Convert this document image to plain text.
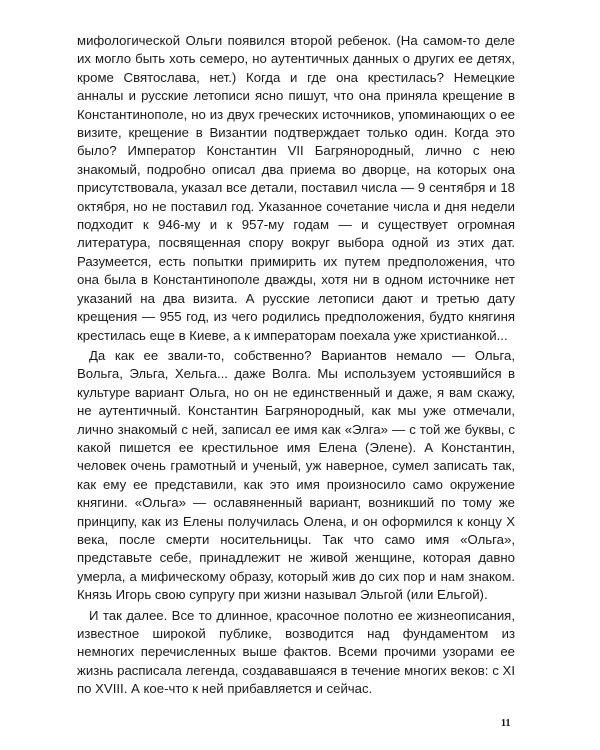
мифологической Ольги появился второй ребенок. (На самом-то деле их могло быть хоть семеро, но аутентичных данных о других ее детях, кроме Святослава, нет.) Когда и где она крестилась? Немецкие анналы и русские летописи ясно пишут, что она приняла крещение в Константинополе, но из двух греческих источников, упоминающих о ее визите, крещение в Византии подтверждает только один. Когда это было? Император Константин VII Багрянородный, лично с нею знакомый, подробно описал два приема во дворце, на которых она присутствовала, указал все детали, поставил числа — 9 сентября и 18 октября, но не поставил год. Указанное сочетание числа и дня недели подходит к 946-му и к 957-му годам — и существует огромная литература, посвященная спору вокруг выбора одной из этих дат. Разумеется, есть попытки примирить их путем предположения, что она была в Константинополе дважды, хотя ни в одном источнике нет указаний на два визита. А русские летописи дают и третью дату крещения — 955 год, из чего родились предположения, будто княгиня крестилась еще в Киеве, а к императорам поехала уже христианкой...

Да как ее звали-то, собственно? Вариантов немало — Ольга, Вольга, Эльга, Хельга... даже Волга. Мы используем устоявшийся в культуре вариант Ольга, но он не единственный и даже, я вам скажу, не аутентичный. Константин Багрянородный, как мы уже отмечали, лично знакомый с ней, записал ее имя как «Элга» — с той же буквы, с какой пишется ее крестильное имя Елена (Элене). А Константин, человек очень грамотный и ученый, уж наверное, сумел записать так, как ему ее представили, как это имя произносило само окружение княгини. «Ольга» — ославяненный вариант, возникший по тому же принципу, как из Елены получилась Олена, и он оформился к концу X века, после смерти носительницы. Так что само имя «Ольга», представьте себе, принадлежит не живой женщине, которая давно умерла, а мифическому образу, который жив до сих пор и нам знаком. Князь Игорь свою супругу при жизни называл Эльгой (или Ельгой).

И так далее. Все то длинное, красочное полотно ее жизнеописания, известное широкой публике, возводится над фундаментом из немногих перечисленных выше фактов. Всеми прочими узорами ее жизнь расписала легенда, создававшаяся в течение многих веков: с XI по XVIII. А кое-что к ней прибавляется и сейчас.

11
